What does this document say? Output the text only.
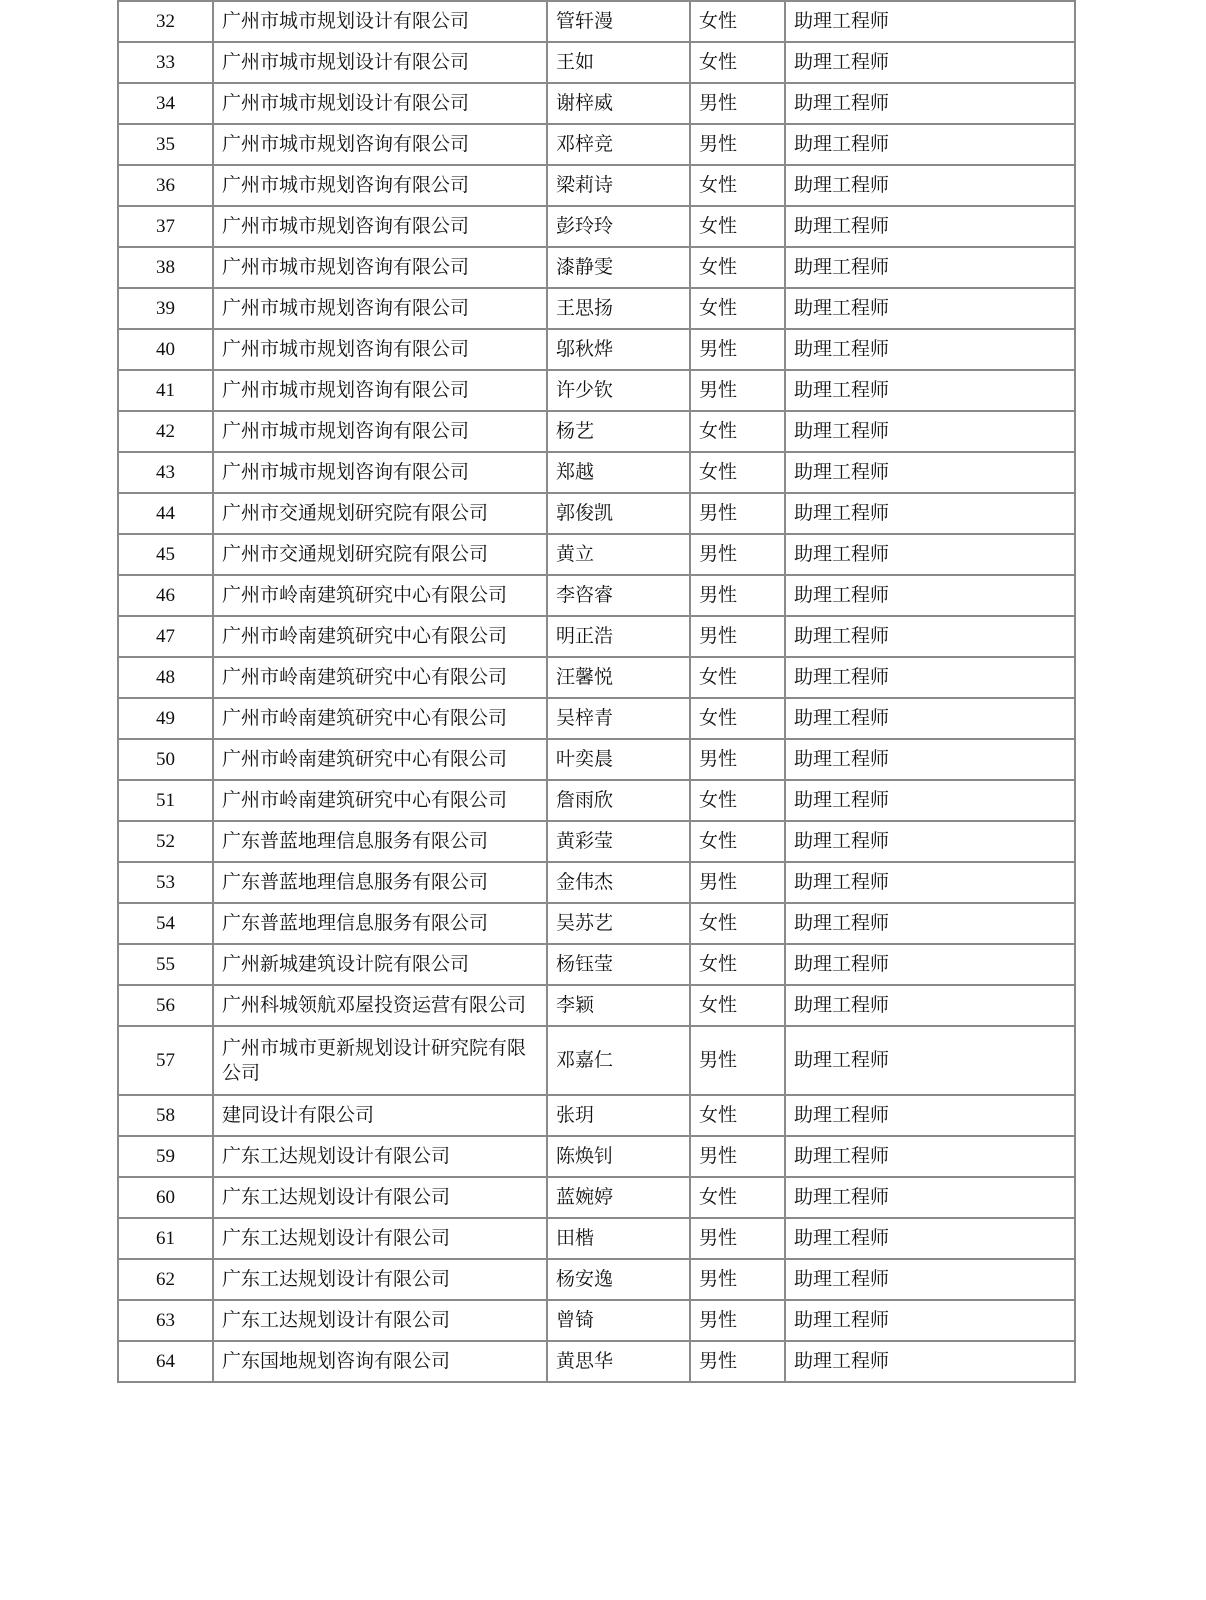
32	广州市城市规划设计有限公司	管轩漫	女性	助理工程师
33	广州市城市规划设计有限公司	王如	女性	助理工程师
34	广州市城市规划设计有限公司	谢梓威	男性	助理工程师
35	广州市城市规划咨询有限公司	邓梓竞	男性	助理工程师
36	广州市城市规划咨询有限公司	梁莉诗	女性	助理工程师
37	广州市城市规划咨询有限公司	彭玲玲	女性	助理工程师
38	广州市城市规划咨询有限公司	漆静雯	女性	助理工程师
39	广州市城市规划咨询有限公司	王思扬	女性	助理工程师
40	广州市城市规划咨询有限公司	邬秋烨	男性	助理工程师
41	广州市城市规划咨询有限公司	许少钦	男性	助理工程师
42	广州市城市规划咨询有限公司	杨艺	女性	助理工程师
43	广州市城市规划咨询有限公司	郑越	女性	助理工程师
44	广州市交通规划研究院有限公司	郭俊凯	男性	助理工程师
45	广州市交通规划研究院有限公司	黄立	男性	助理工程师
46	广州市岭南建筑研究中心有限公司	李咨睿	男性	助理工程师
47	广州市岭南建筑研究中心有限公司	明正浩	男性	助理工程师
48	广州市岭南建筑研究中心有限公司	汪馨悦	女性	助理工程师
49	广州市岭南建筑研究中心有限公司	吴梓青	女性	助理工程师
50	广州市岭南建筑研究中心有限公司	叶奕晨	男性	助理工程师
51	广州市岭南建筑研究中心有限公司	詹雨欣	女性	助理工程师
52	广东普蓝地理信息服务有限公司	黄彩莹	女性	助理工程师
53	广东普蓝地理信息服务有限公司	金伟杰	男性	助理工程师
54	广东普蓝地理信息服务有限公司	吴苏艺	女性	助理工程师
55	广州新城建筑设计院有限公司	杨钰莹	女性	助理工程师
56	广州科城领航邓屋投资运营有限公司	李颖	女性	助理工程师
57	广州市城市更新规划设计研究院有限公司	邓嘉仁	男性	助理工程师
58	建同设计有限公司	张玥	女性	助理工程师
59	广东工达规划设计有限公司	陈焕钊	男性	助理工程师
60	广东工达规划设计有限公司	蓝婉婷	女性	助理工程师
61	广东工达规划设计有限公司	田楷	男性	助理工程师
62	广东工达规划设计有限公司	杨安逸	男性	助理工程师
63	广东工达规划设计有限公司	曾锜	男性	助理工程师
64	广东国地规划咨询有限公司	黄思华	男性	助理工程师
